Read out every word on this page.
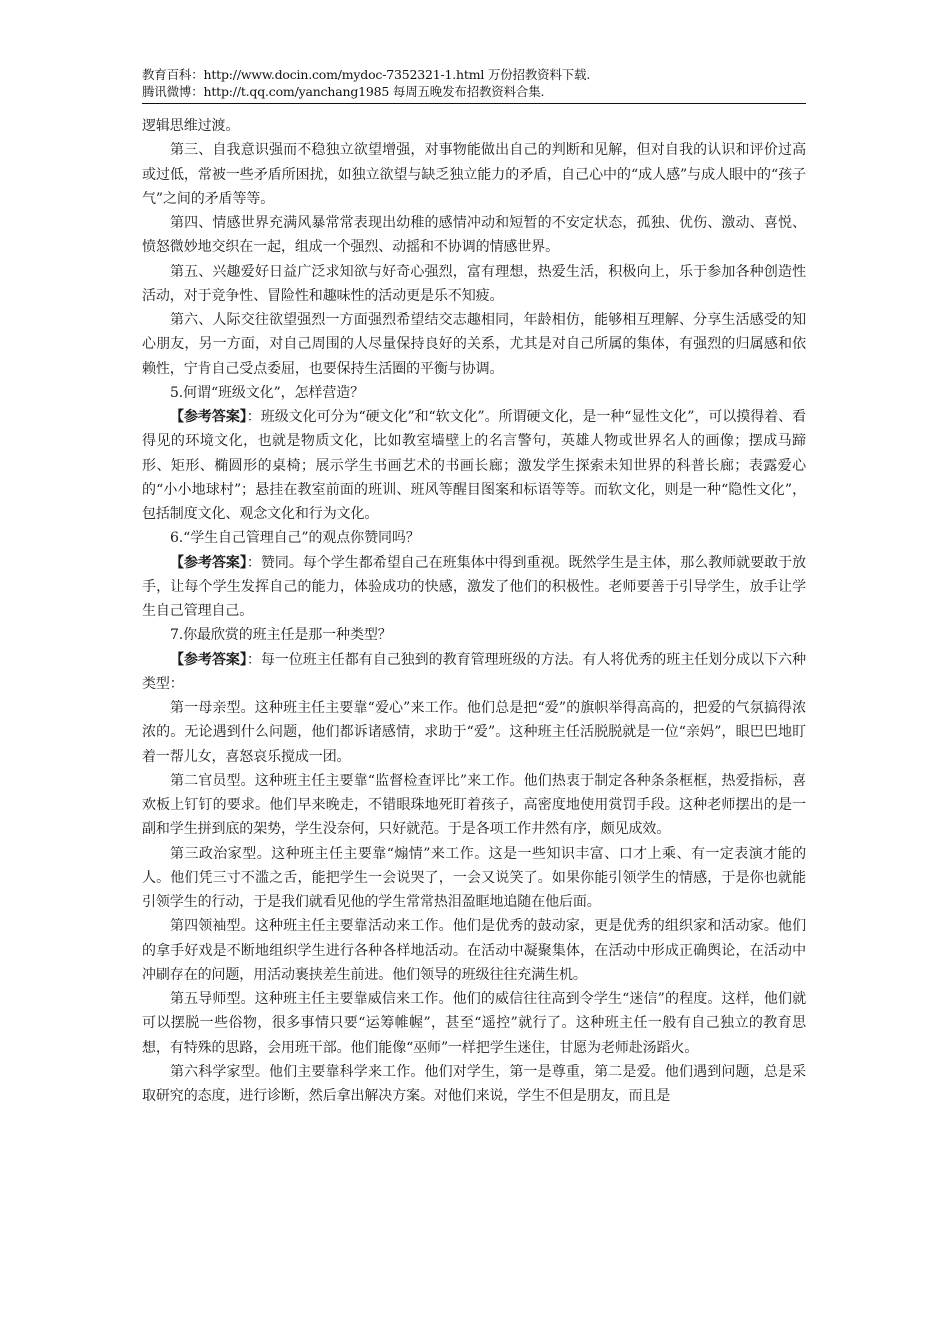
教育百科：http://www.docin.com/mydoc-7352321-1.html 万份招教资料下载.
腾讯微博：http://t.qq.com/yanchang1985 每周五晚发布招教资料合集.

逻辑思维过渡。

第三、自我意识强而不稳独立欲望增强，对事物能做出自己的判断和见解，但对自我的认识和评价过高或过低，常被一些矛盾所困扰，如独立欲望与缺乏独立能力的矛盾，自己心中的“成人感”与成人眼中的“孩子气”之间的矛盾等等。

第四、情感世界充满风暴常常表现出幼稚的感情冲动和短暂的不安定状态，孤独、优伤、激动、喜悦、愤怒微妙地交织在一起，组成一个强烈、动摇和不协调的情感世界。

第五、兴趣爱好日益广泛求知欲与好奇心强烈，富有理想，热爱生活，积极向上，乐于参加各种创造性活动，对于竞争性、冒险性和趣味性的活动更是乐不知疲。

第六、人际交往欲望强烈一方面强烈希望结交志趣相同，年龄相仿，能够相互理解、分享生活感受的知心朋友，另一方面，对自己周围的人尽量保持良好的关系，尤其是对自己所属的集体，有强烈的归属感和依赖性，宁肯自己受点委屈，也要保持生活圈的平衡与协调。

5.何谓“班级文化”，怎样营造？

【参考答案】：班级文化可分为“硬文化”和“软文化”。所谓硬文化，是一种“显性文化”，可以摸得着、看得见的环境文化，也就是物质文化，比如教室墙壁上的名言警句，英雄人物或世界名人的画像；摆成马蹄形、矩形、椭圆形的桌椅；展示学生书画艺术的书画长廊；激发学生探索未知世界的科普长廊；表露爱心的“小小地球村”；悬挂在教室前面的班训、班风等醒目图案和标语等等。而软文化，则是一种“隐性文化”，包括制度文化、观念文化和行为文化。

6.“学生自己管理自己”的观点你赞同吗？

【参考答案】：赞同。每个学生都希望自己在班集体中得到重视。既然学生是主体，那么教师就要敢于放手，让每个学生发挥自己的能力，体验成功的快感，激发了他们的积极性。老师要善于引导学生，放手让学生自己管理自己。

7.你最欣赏的班主任是那一种类型？

【参考答案】：每一位班主任都有自己独到的教育管理班级的方法。有人将优秀的班主任划分成以下六种类型：

第一母亲型。这种班主任主要靠“爱心”来工作。他们总是把“爱”的旗帜举得高高的，把爱的气氛搞得浓浓的。无论遇到什么问题，他们都诉诸感情，求助于“爱”。这种班主任活脱脱就是一位“亲妈”，眼巴巴地盯着一帮儿女，喜怒哀乐搅成一团。

第二官员型。这种班主任主要靠“监督检查评比”来工作。他们热衷于制定各种条条框框，热爱指标，喜欢板上钉钉的要求。他们早来晚走，不错眼珠地死盯着孩子，高密度地使用赏罚手段。这种老师摆出的是一副和学生拼到底的架势，学生没奈何，只好就范。于是各项工作井然有序，颇见成效。

第三政治家型。这种班主任主要靠“煽情”来工作。这是一些知识丰富、口才上乘、有一定表演才能的人。他们凭三寸不滥之舌，能把学生一会说哭了，一会又说笑了。如果你能引领学生的情感，于是你也就能引领学生的行动，于是我们就看见他的学生常常热泪盈眶地追随在他后面。

第四领袖型。这种班主任主要靠活动来工作。他们是优秀的鼓动家，更是优秀的组织家和活动家。他们的拿手好戏是不断地组织学生进行各种各样地活动。在活动中凝聚集体，在活动中形成正确舆论，在活动中冲刷存在的问题，用活动裹挟差生前进。他们领导的班级往往充满生机。

第五导师型。这种班主任主要靠威信来工作。他们的威信往往高到令学生“迷信”的程度。这样，他们就可以摆脱一些俗物，很多事情只要“运筹帷幄”，甚至“遥控”就行了。这种班主任一般有自己独立的教育思想，有特殊的思路，会用班干部。他们能像“巫师”一样把学生迷住，甘愿为老师赴汤蹈火。

第六科学家型。他们主要靠科学来工作。他们对学生，第一是尊重，第二是爱。他们遇到问题，总是采取研究的态度，进行诊断，然后拿出解决方案。对他们来说，学生不但是朋友，而且是
